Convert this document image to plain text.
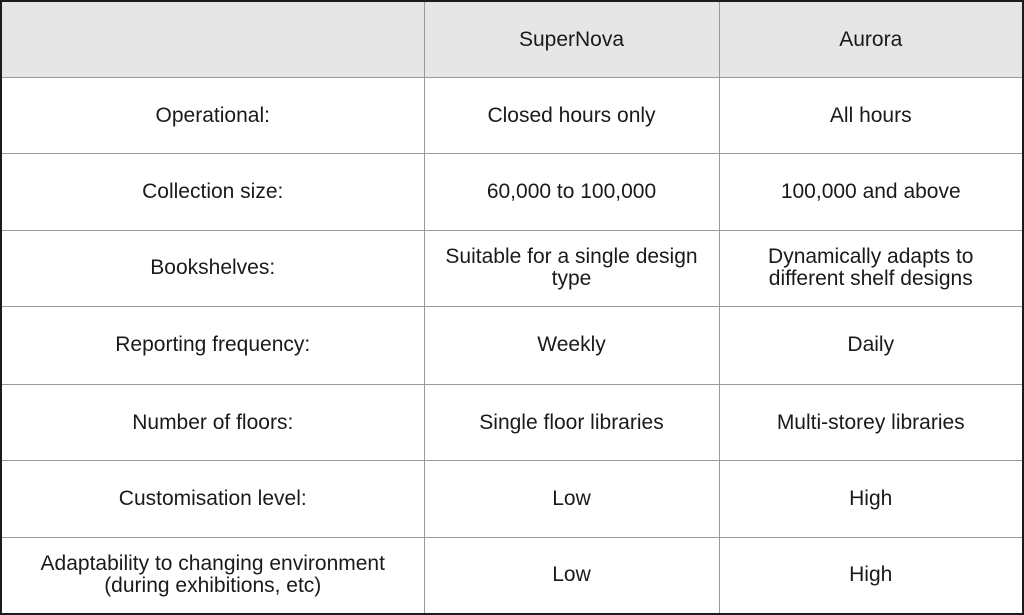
	SuperNova	Aurora
Operational:	Closed hours only	All hours
Collection size:	60,000 to 100,000	100,000 and above
Bookshelves:	Suitable for a single design type	Dynamically adapts to different shelf designs
Reporting frequency:	Weekly	Daily
Number of floors:	Single floor libraries	Multi-storey libraries
Customisation level:	Low	High
Adaptability to changing environment (during exhibitions, etc)	Low	High
